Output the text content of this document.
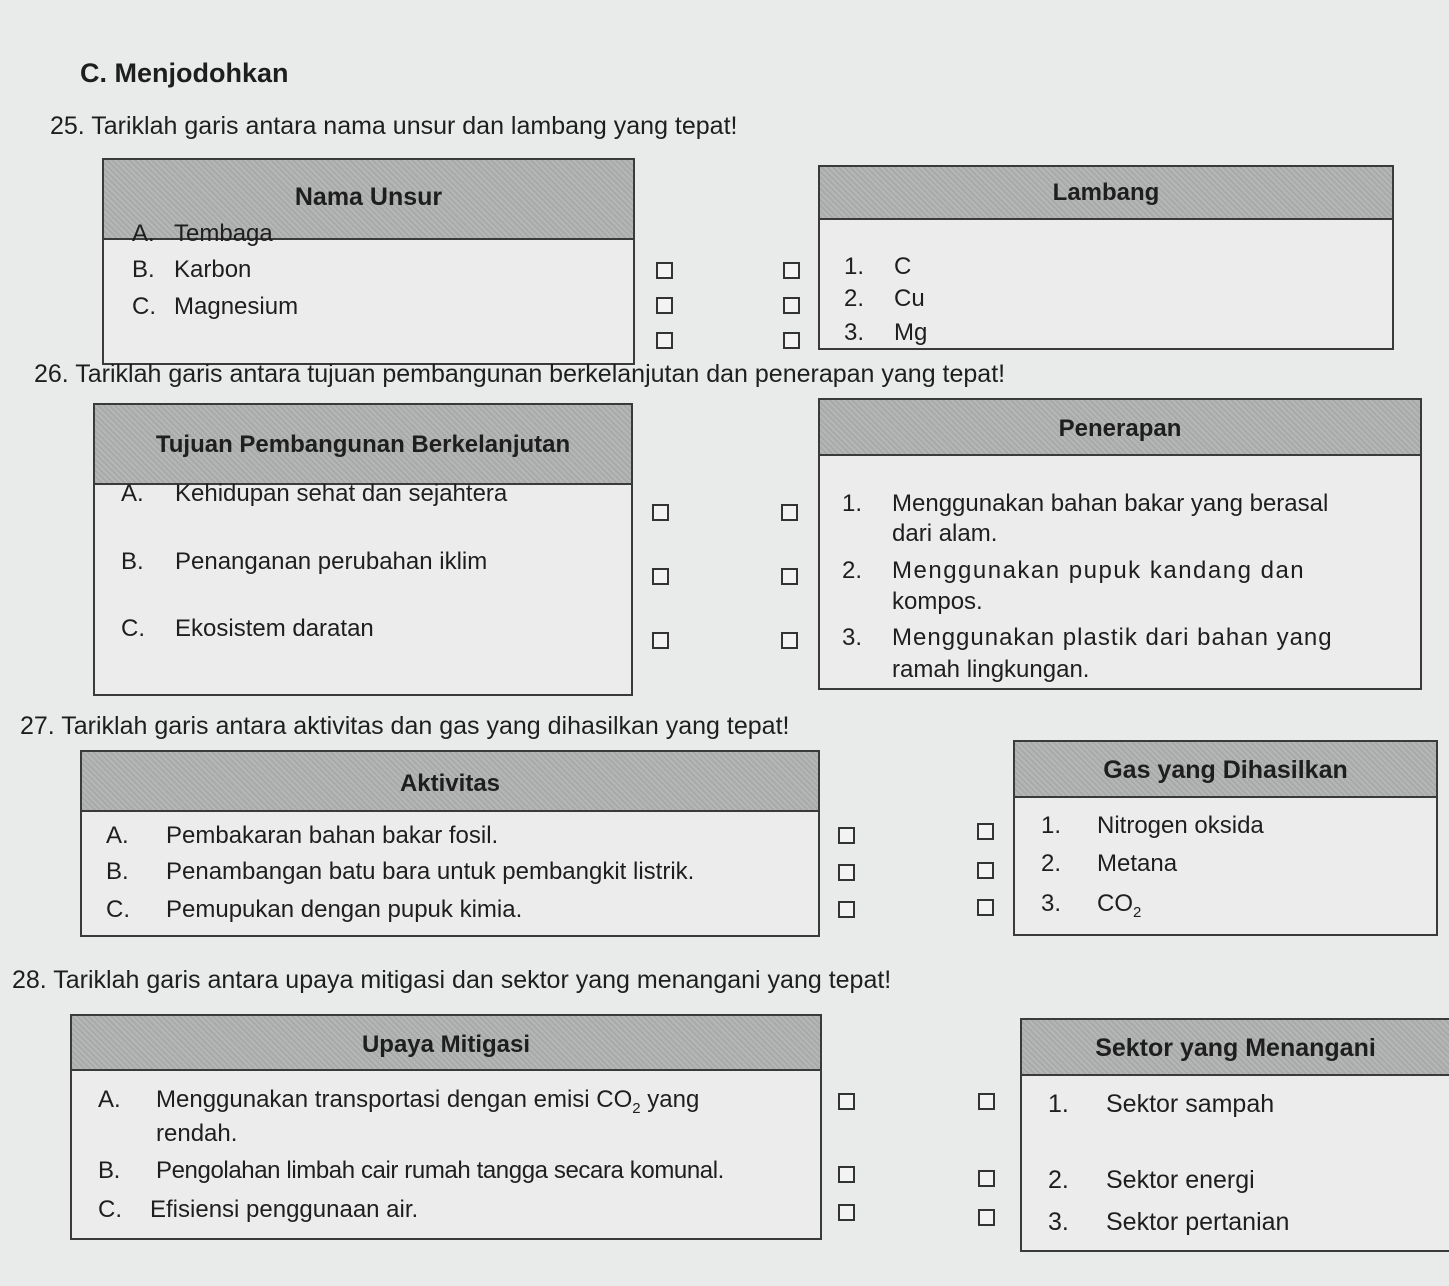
C. Menjodohkan
25. Tariklah garis antara nama unsur dan lambang yang tepat!
Nama Unsur
A. Tembaga
B. Karbon
C. Magnesium
Lambang
1. C
2. Cu
3. Mg
26. Tariklah garis antara tujuan pembangunan berkelanjutan dan penerapan yang tepat!
Tujuan Pembangunan Berkelanjutan
A. Kehidupan sehat dan sejahtera
B. Penanganan perubahan iklim
C. Ekosistem daratan
Penerapan
1. Menggunakan bahan bakar yang berasal
dari alam.
2. Menggunakan pupuk kandang dan
kompos.
3. Menggunakan plastik dari bahan yang
ramah lingkungan.
27. Tariklah garis antara aktivitas dan gas yang dihasilkan yang tepat!
Aktivitas
A. Pembakaran bahan bakar fosil.
B. Penambangan batu bara untuk pembangkit listrik.
C. Pemupukan dengan pupuk kimia.
Gas yang Dihasilkan
1. Nitrogen oksida
2. Metana
3. $CO_2$
28. Tariklah garis antara upaya mitigasi dan sektor yang menangani yang tepat!
Upaya Mitigasi
A. Menggunakan transportasi dengan emisi $CO_2$ yang
rendah.
B. Pengolahan limbah cair rumah tangga secara komunal.
C. Efisiensi penggunaan air.
Sektor yang Menangani
1. Sektor sampah
2. Sektor energi
3. Sektor pertanian
